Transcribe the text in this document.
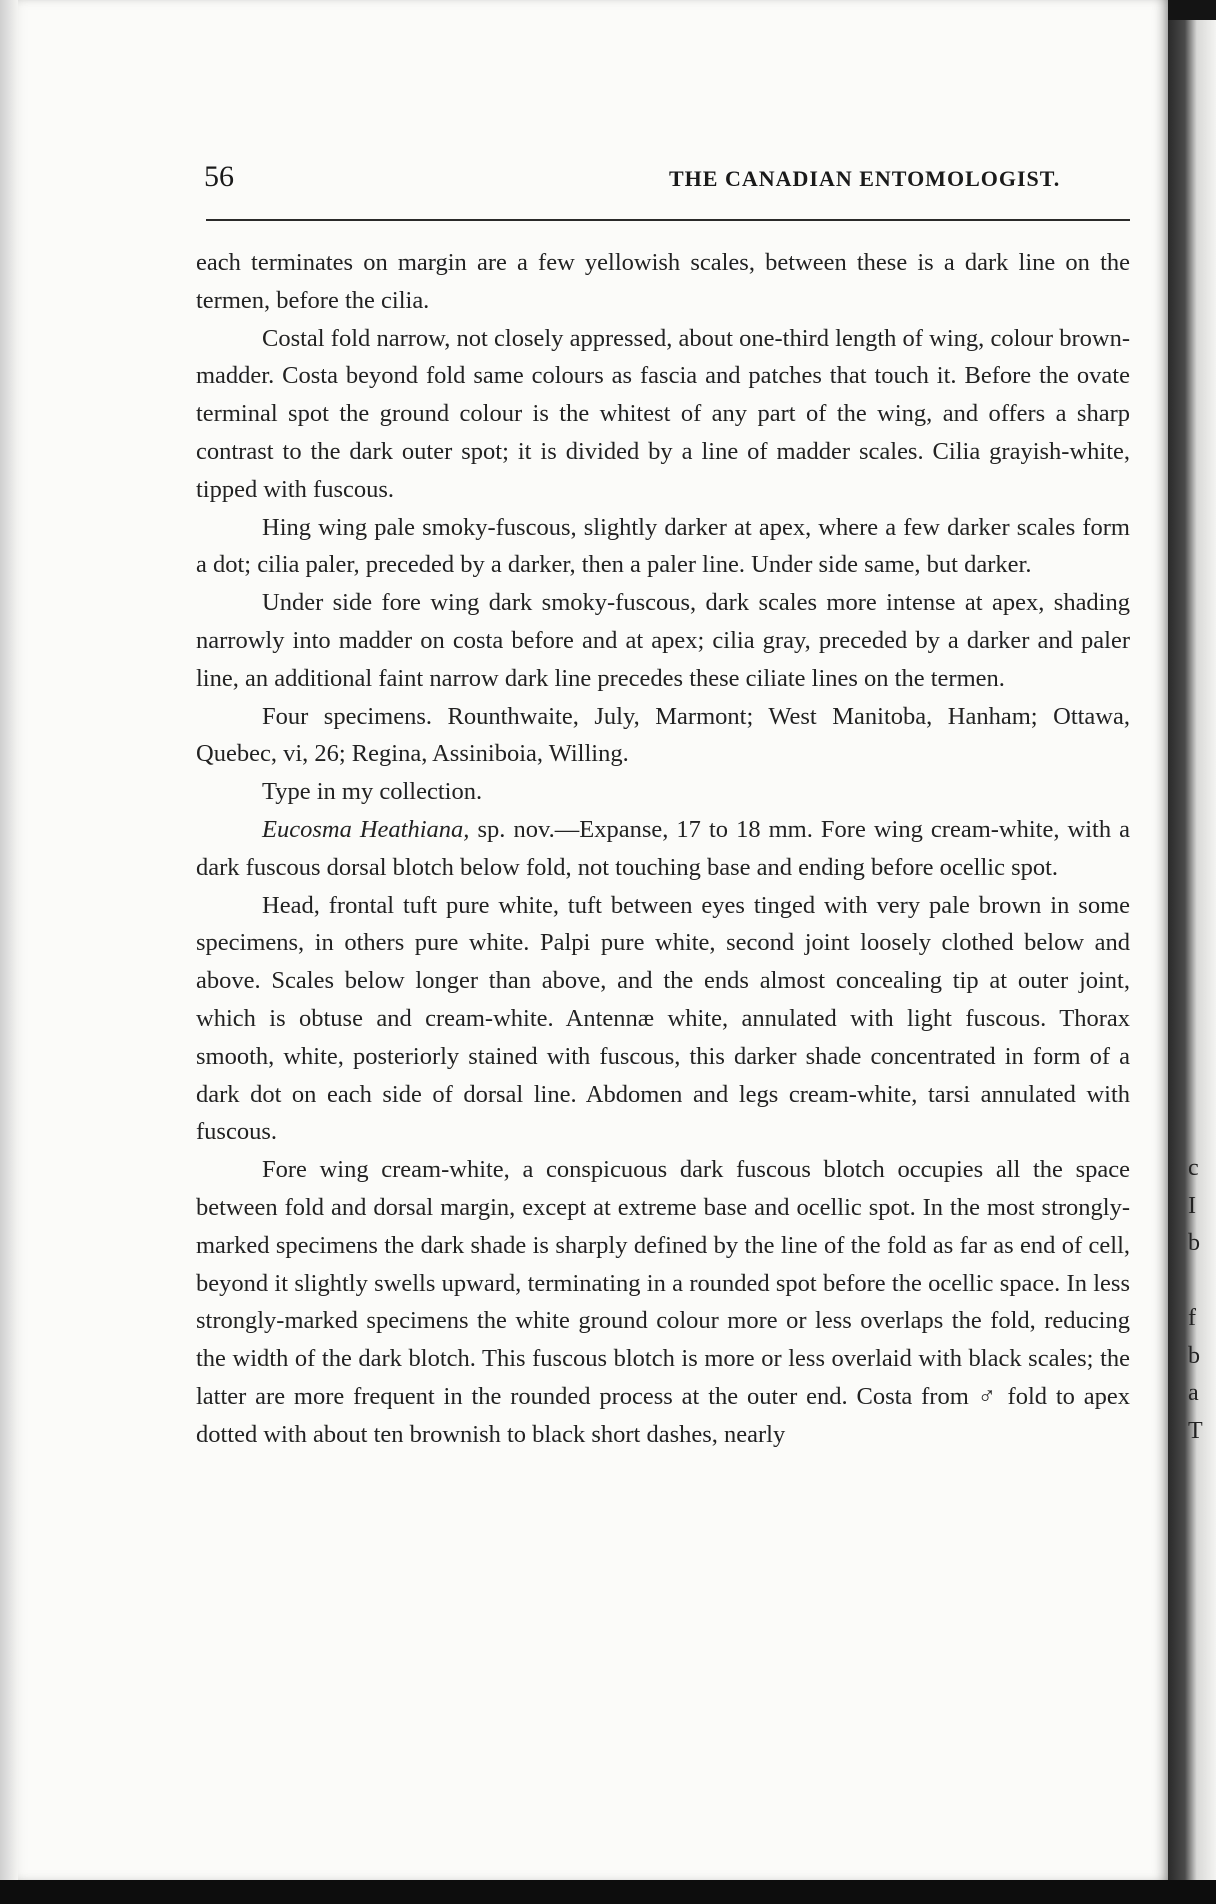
56	THE CANADIAN ENTOMOLOGIST.

each terminates on margin are a few yellowish scales, between these is a dark line on the termen, before the cilia.

Costal fold narrow, not closely appressed, about one-third length of wing, colour brown-madder. Costa beyond fold same colours as fascia and patches that touch it. Before the ovate terminal spot the ground colour is the whitest of any part of the wing, and offers a sharp contrast to the dark outer spot; it is divided by a line of madder scales. Cilia grayish-white, tipped with fuscous.

Hing wing pale smoky-fuscous, slightly darker at apex, where a few darker scales form a dot; cilia paler, preceded by a darker, then a paler line. Under side same, but darker.

Under side fore wing dark smoky-fuscous, dark scales more intense at apex, shading narrowly into madder on costa before and at apex; cilia gray, preceded by a darker and paler line, an additional faint narrow dark line precedes these ciliate lines on the termen.

Four specimens. Rounthwaite, July, Marmont; West Manitoba, Hanham; Ottawa, Quebec, vi, 26; Regina, Assiniboia, Willing.

Type in my collection.

Eucosma Heathiana, sp. nov.—Expanse, 17 to 18 mm. Fore wing cream-white, with a dark fuscous dorsal blotch below fold, not touching base and ending before ocellic spot.

Head, frontal tuft pure white, tuft between eyes tinged with very pale brown in some specimens, in others pure white. Palpi pure white, second joint loosely clothed below and above. Scales below longer than above, and the ends almost concealing tip at outer joint, which is obtuse and cream-white. Antennæ white, annulated with light fuscous. Thorax smooth, white, posteriorly stained with fuscous, this darker shade concentrated in form of a dark dot on each side of dorsal line. Abdomen and legs cream-white, tarsi annulated with fuscous.

Fore wing cream-white, a conspicuous dark fuscous blotch occupies all the space between fold and dorsal margin, except at extreme base and ocellic spot. In the most strongly-marked specimens the dark shade is sharply defined by the line of the fold as far as end of cell, beyond it slightly swells upward, terminating in a rounded spot before the ocellic space. In less strongly-marked specimens the white ground colour more or less overlaps the fold, reducing the width of the dark blotch. This fuscous blotch is more or less overlaid with black scales; the latter are more frequent in the rounded process at the outer end. Costa from ♂ fold to apex dotted with about ten brownish to black short dashes, nearly

c
I
b
f
b
a
T
